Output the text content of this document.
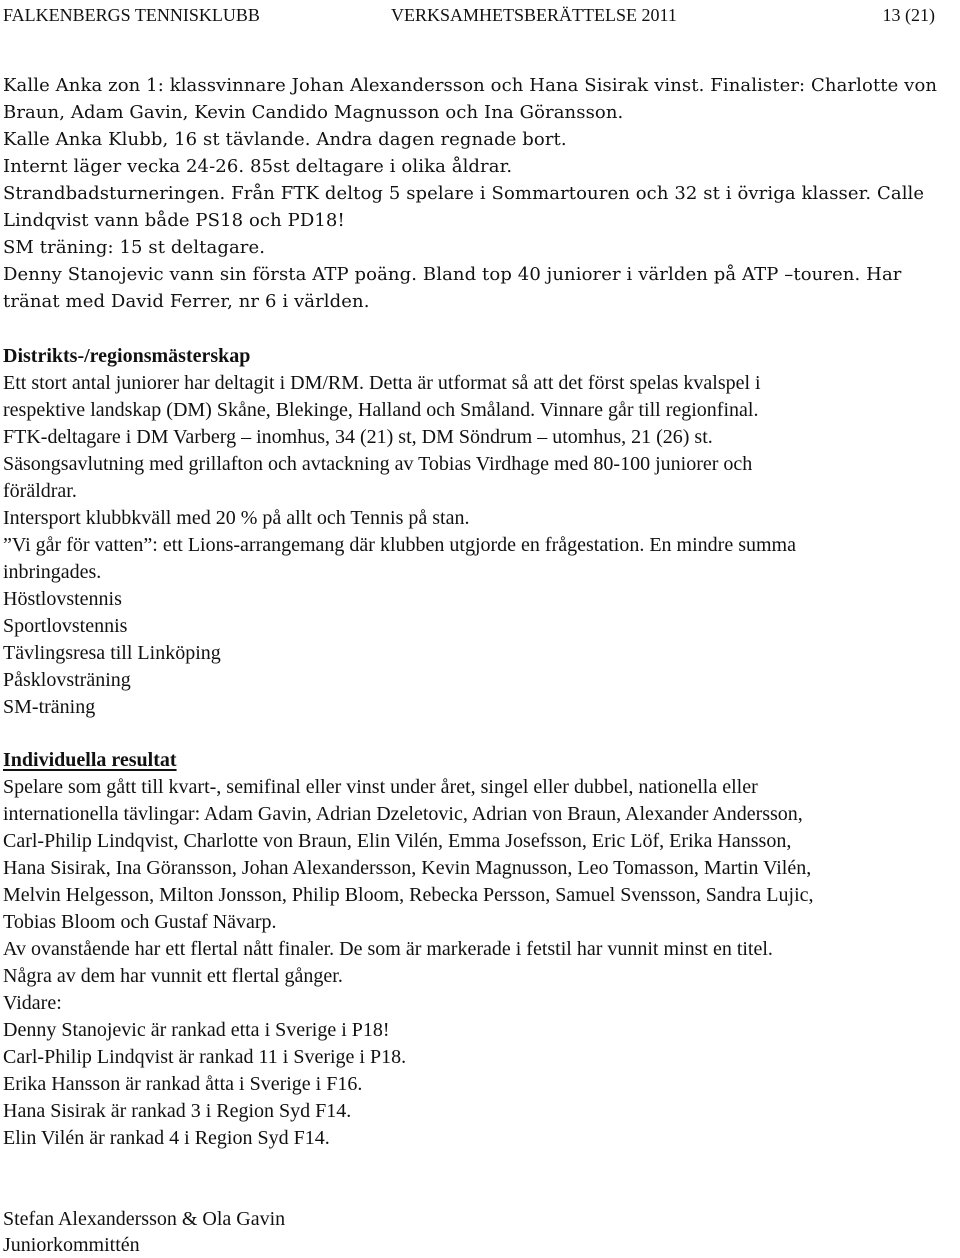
FALKENBERGS TENNISKLUBB	VERKSAMHETSBERÄTTELSE 2011	13 (21)
Kalle Anka zon 1: klassvinnare Johan Alexandersson och Hana Sisirak vinst. Finalister: Charlotte von
Braun, Adam Gavin, Kevin Candido Magnusson och Ina Göransson.
Kalle Anka Klubb, 16 st tävlande. Andra dagen regnade bort.
Internt läger vecka 24-26. 85st deltagare i olika åldrar.
Strandbadsturneringen. Från FTK deltog 5 spelare i Sommartouren och 32 st i övriga klasser. Calle
Lindqvist vann både PS18 och PD18!
SM träning: 15 st deltagare.
Denny Stanojevic vann sin första ATP poäng. Bland top 40 juniorer i världen på ATP –touren. Har
tränat med David Ferrer, nr 6 i världen.
Distrikts-/regionsmästerskap
Ett stort antal juniorer har deltagit i DM/RM. Detta är utformat så att det först spelas kvalspel i
respektive landskap (DM) Skåne, Blekinge, Halland och Småland. Vinnare går till regionfinal.
FTK-deltagare i DM Varberg – inomhus, 34 (21) st, DM Söndrum – utomhus, 21 (26) st.
Säsongsavlutning med grillafton och avtackning av Tobias Virdhage med 80-100 juniorer och
föräldrar.
Intersport klubbkväll med 20 % på allt och Tennis på stan.
”Vi går för vatten”: ett Lions-arrangemang där klubben utgjorde en frågestation. En mindre summa
inbringades.
Höstlovstennis
Sportlovstennis
Tävlingsresa till Linköping
Påsklovsträning
SM-träning
Individuella resultat
Spelare som gått till kvart-, semifinal eller vinst under året, singel eller dubbel, nationella eller
internationella tävlingar: Adam Gavin, Adrian Dzeletovic, Adrian von Braun, Alexander Andersson,
Carl-Philip Lindqvist, Charlotte von Braun, Elin Vilén, Emma Josefsson, Eric Löf, Erika Hansson,
Hana Sisirak, Ina Göransson, Johan Alexandersson, Kevin Magnusson, Leo Tomasson, Martin Vilén,
Melvin Helgesson, Milton Jonsson, Philip Bloom, Rebecka Persson, Samuel Svensson, Sandra Lujic,
Tobias Bloom och Gustaf Nävarp.
Av ovanstående har ett flertal nått finaler. De som är markerade i fetstil har vunnit minst en titel.
Några av dem har vunnit ett flertal gånger.
Vidare:
Denny Stanojevic är rankad etta i Sverige i P18!
Carl-Philip Lindqvist är rankad 11 i Sverige i P18.
Erika Hansson är rankad åtta i Sverige i F16.
Hana Sisirak är rankad 3 i Region Syd F14.
Elin Vilén är rankad 4 i Region Syd F14.
Stefan Alexandersson & Ola Gavin
Juniorkommittén
